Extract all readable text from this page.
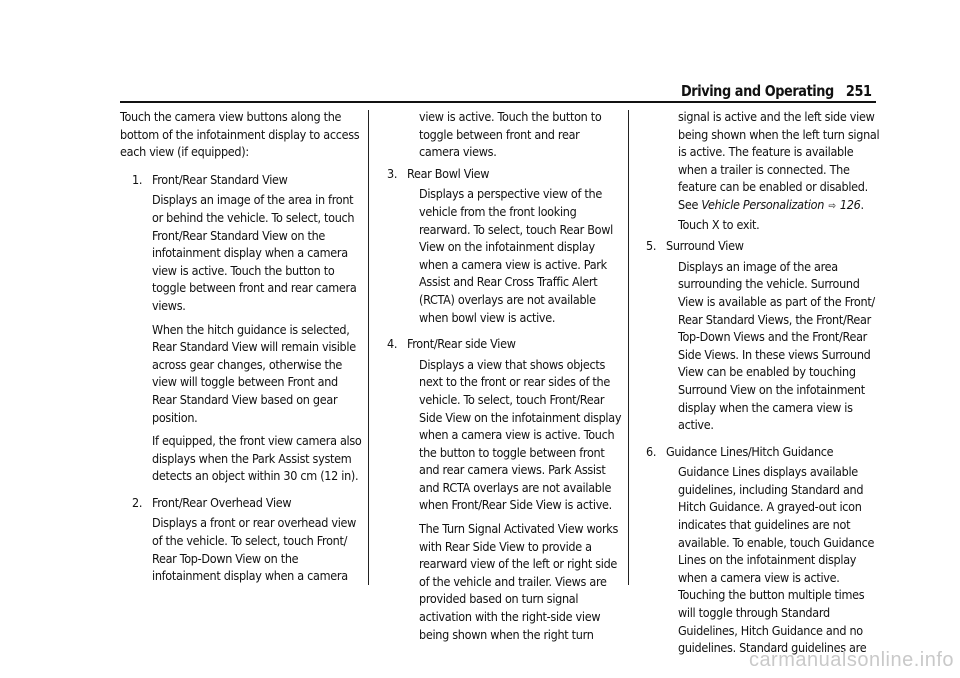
Driving and Operating 251

Touch the camera view buttons along the bottom of the infotainment display to access each view (if equipped):

1. Front/Rear Standard View

Displays an image of the area in front or behind the vehicle. To select, touch Front/Rear Standard View on the infotainment display when a camera view is active. Touch the button to toggle between front and rear camera views.

When the hitch guidance is selected, Rear Standard View will remain visible across gear changes, otherwise the view will toggle between Front and Rear Standard View based on gear position.

If equipped, the front view camera also displays when the Park Assist system detects an object within 30 cm (12 in).

2. Front/Rear Overhead View

Displays a front or rear overhead view of the vehicle. To select, touch Front/ Rear Top-Down View on the infotainment display when a camera

view is active. Touch the button to toggle between front and rear camera views.

3. Rear Bowl View

Displays a perspective view of the vehicle from the front looking rearward. To select, touch Rear Bowl View on the infotainment display when a camera view is active. Park Assist and Rear Cross Traffic Alert (RCTA) overlays are not available when bowl view is active.

4. Front/Rear side View

Displays a view that shows objects next to the front or rear sides of the vehicle. To select, touch Front/Rear Side View on the infotainment display when a camera view is active. Touch the button to toggle between front and rear camera views. Park Assist and RCTA overlays are not available when Front/Rear Side View is active.

The Turn Signal Activated View works with Rear Side View to provide a rearward view of the left or right side of the vehicle and trailer. Views are provided based on turn signal activation with the right-side view being shown when the right turn

signal is active and the left side view being shown when the left turn signal is active. The feature is available when a trailer is connected. The feature can be enabled or disabled. See Vehicle Personalization ⇨ 126. Touch X to exit.

5. Surround View

Displays an image of the area surrounding the vehicle. Surround View is available as part of the Front/ Rear Standard Views, the Front/Rear Top-Down Views and the Front/Rear Side Views. In these views Surround View can be enabled by touching Surround View on the infotainment display when the camera view is active.

6. Guidance Lines/Hitch Guidance

Guidance Lines displays available guidelines, including Standard and Hitch Guidance. A grayed-out icon indicates that guidelines are not available. To enable, touch Guidance Lines on the infotainment display when a camera view is active. Touching the button multiple times will toggle through Standard Guidelines, Hitch Guidance and no guidelines. Standard guidelines are

carmanualsonline.info
